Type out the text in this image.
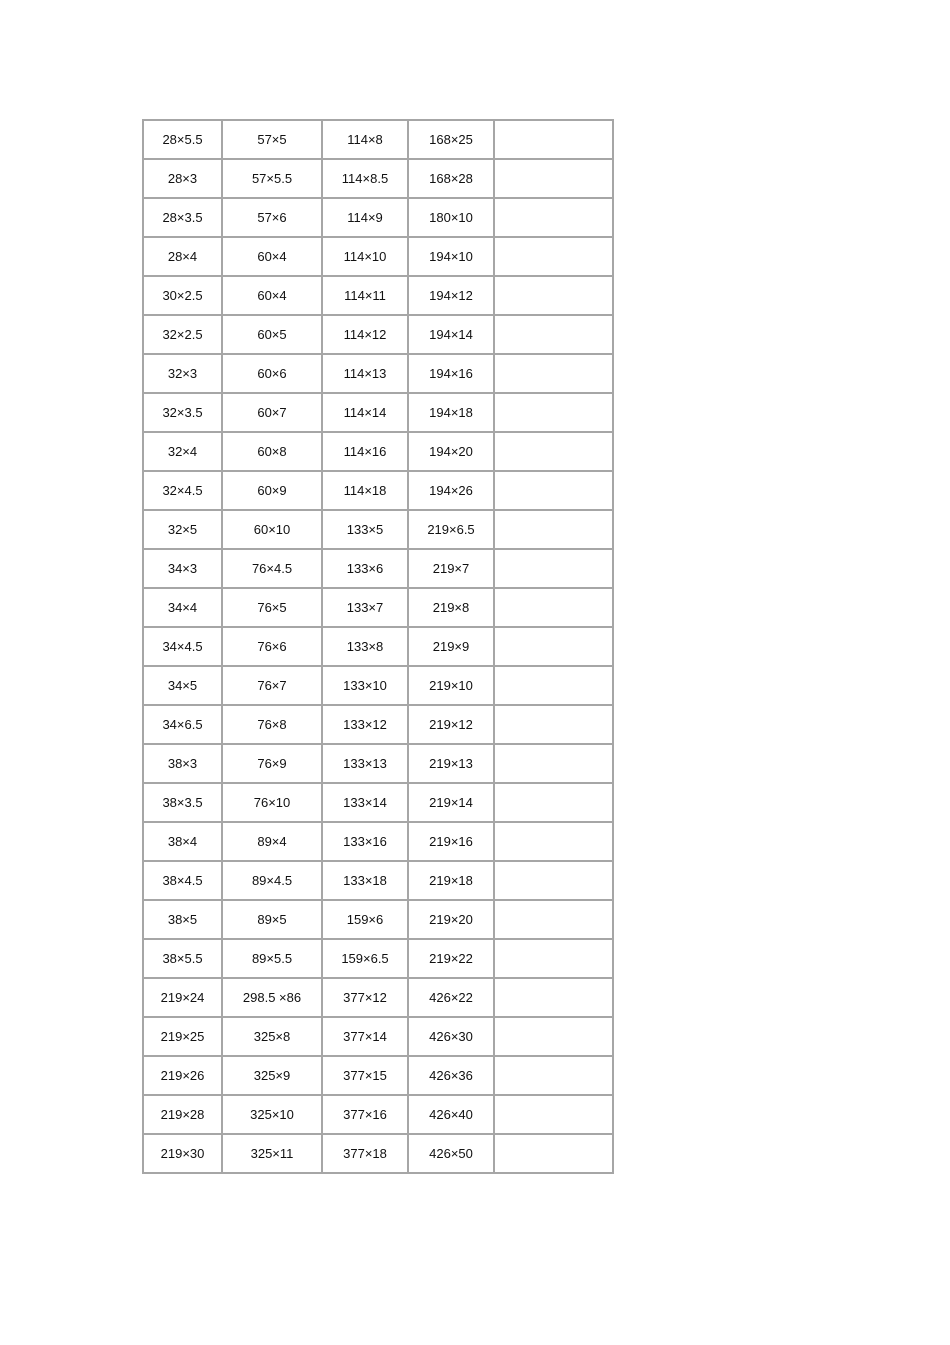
28×5.5	57×5	114×8	168×25	
28×3	57×5.5	114×8.5	168×28	
28×3.5	57×6	114×9	180×10	
28×4	60×4	114×10	194×10	
30×2.5	60×4	114×11	194×12	
32×2.5	60×5	114×12	194×14	
32×3	60×6	114×13	194×16	
32×3.5	60×7	114×14	194×18	
32×4	60×8	114×16	194×20	
32×4.5	60×9	114×18	194×26	
32×5	60×10	133×5	219×6.5	
34×3	76×4.5	133×6	219×7	
34×4	76×5	133×7	219×8	
34×4.5	76×6	133×8	219×9	
34×5	76×7	133×10	219×10	
34×6.5	76×8	133×12	219×12	
38×3	76×9	133×13	219×13	
38×3.5	76×10	133×14	219×14	
38×4	89×4	133×16	219×16	
38×4.5	89×4.5	133×18	219×18	
38×5	89×5	159×6	219×20	
38×5.5	89×5.5	159×6.5	219×22	
219×24	298.5 ×86	377×12	426×22	
219×25	325×8	377×14	426×30	
219×26	325×9	377×15	426×36	
219×28	325×10	377×16	426×40	
219×30	325×11	377×18	426×50	
